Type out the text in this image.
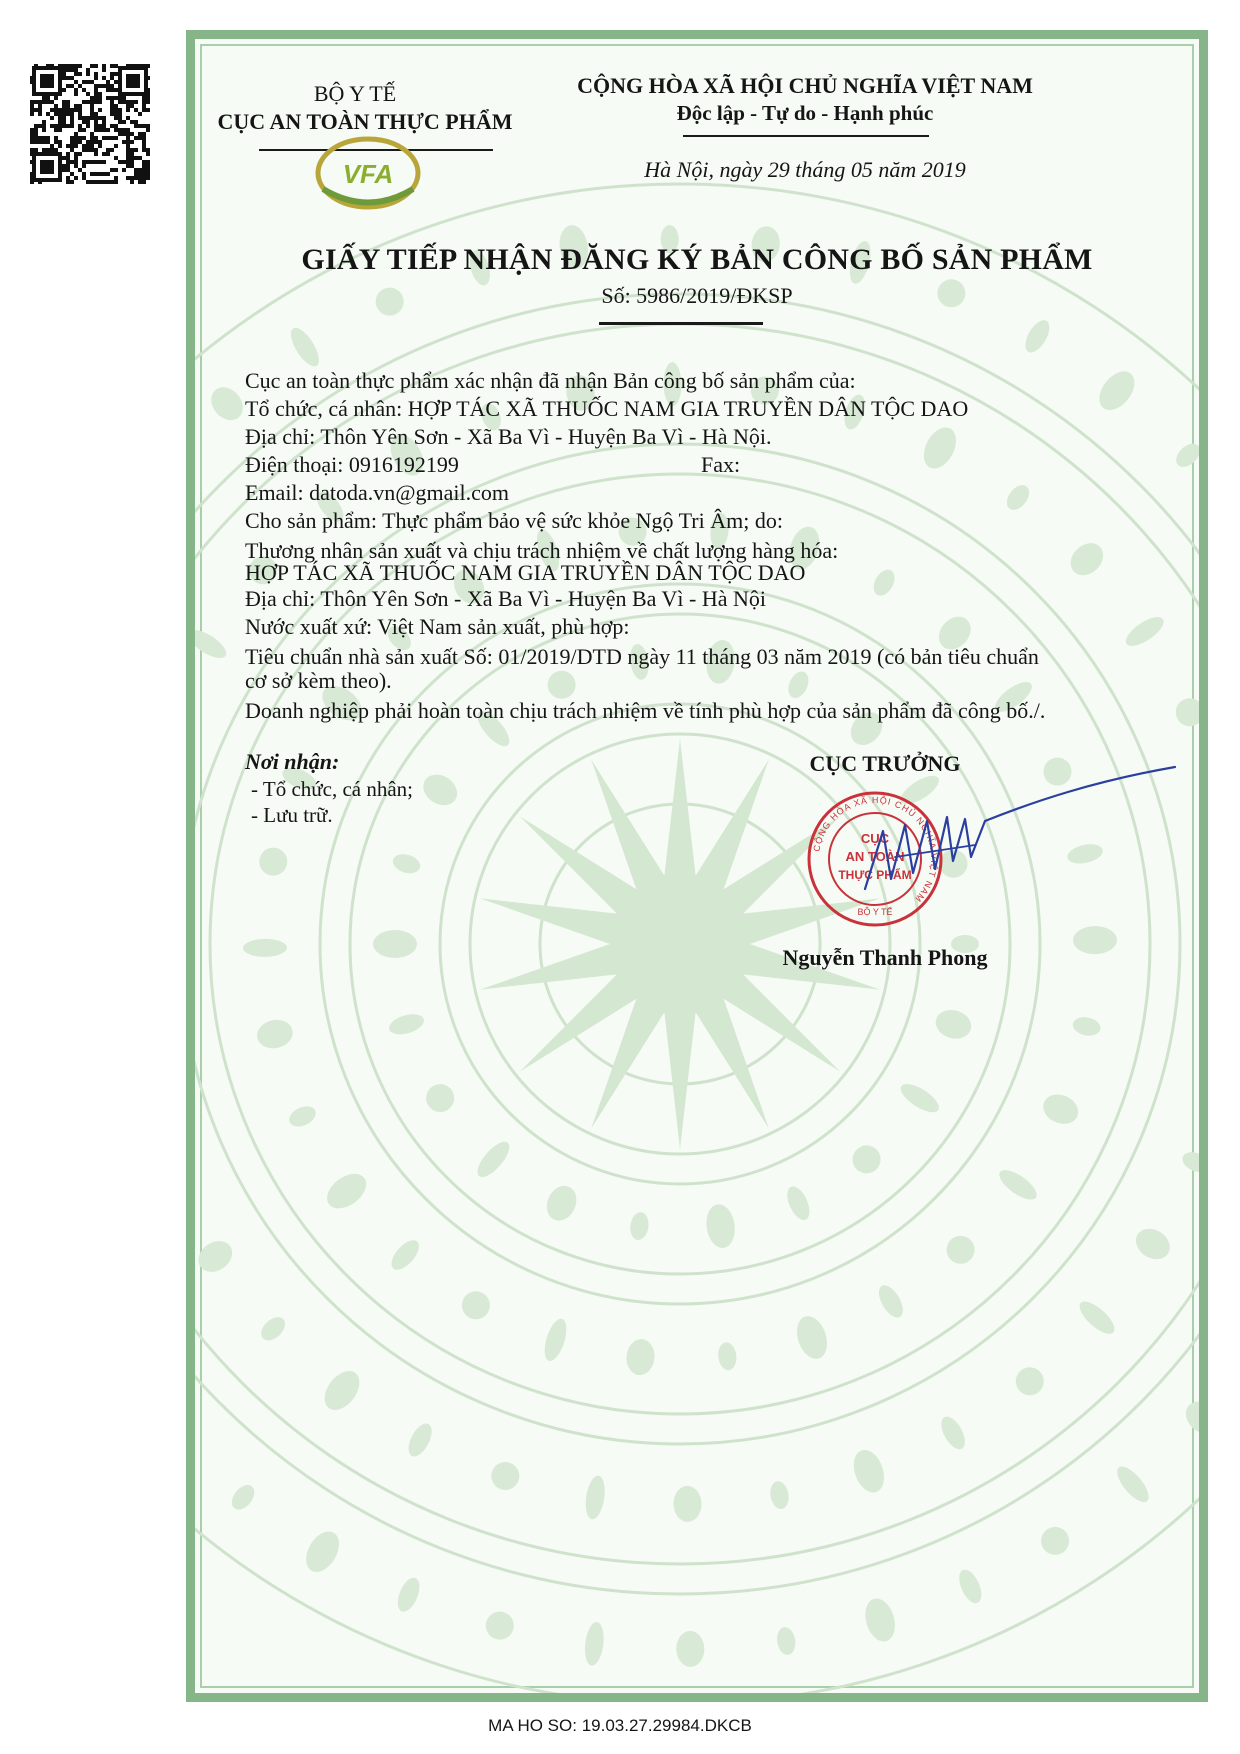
BỘ Y TẾ
CỤC AN TOÀN THỰC PHẨM
VFA
CỘNG HÒA XÃ HỘI CHỦ NGHĨA VIỆT NAM
Độc lập - Tự do - Hạnh phúc
Hà Nội, ngày 29 tháng 05 năm 2019
GIẤY TIẾP NHẬN ĐĂNG KÝ BẢN CÔNG BỐ SẢN PHẨM
Số: 5986/2019/ĐKSP
Cục an toàn thực phẩm xác nhận đã nhận Bản công bố sản phẩm của:
Tổ chức, cá nhân: HỢP TÁC XÃ THUỐC NAM GIA TRUYỀN DÂN TỘC DAO
Địa chỉ: Thôn Yên Sơn - Xã Ba Vì - Huyện Ba Vì - Hà Nội.
Điện thoại: 0916192199	Fax:
Email: datoda.vn@gmail.com
Cho sản phẩm: Thực phẩm bảo vệ sức khỏe Ngộ Tri Âm; do:
Thương nhân sản xuất và chịu trách nhiệm về chất lượng hàng hóa:
HỢP TÁC XÃ THUỐC NAM GIA TRUYỀN DÂN TỘC DAO
Địa chỉ: Thôn Yên Sơn - Xã Ba Vì - Huyện Ba Vì - Hà Nội
Nước xuất xứ: Việt Nam sản xuất, phù hợp:
Tiêu chuẩn nhà sản xuất Số: 01/2019/DTD ngày 11 tháng 03 năm 2019 (có bản tiêu chuẩn
cơ sở kèm theo).
Doanh nghiệp phải hoàn toàn chịu trách nhiệm về tính phù hợp của sản phẩm đã công bố./.
Nơi nhận:
- Tổ chức, cá nhân;
- Lưu trữ.
CỤC TRƯỞNG
CỘNG HÒA XÃ HỘI CHỦ NGHĨA VIỆT NAM
CỤC
AN TOÀN
THỰC PHẨM
BỘ Y TẾ
Nguyễn Thanh Phong
MA HO SO: 19.03.27.29984.DKCB
